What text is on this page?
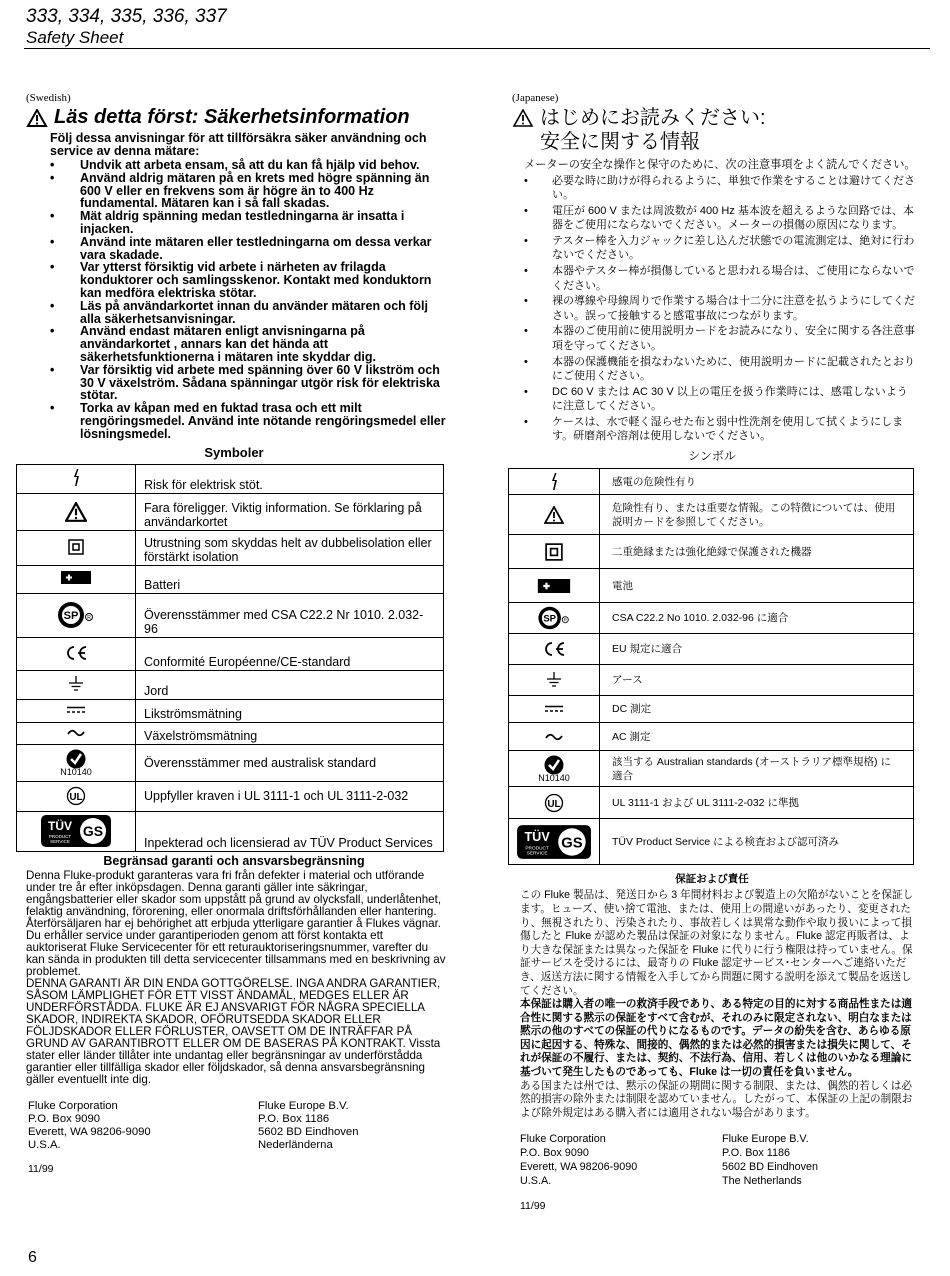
333, 334, 335, 336, 337
Safety Sheet
(Swedish)
Läs detta först: Säkerhetsinformation
Följ dessa anvisningar för att tillförsäkra säker användning och service av denna mätare:
• Undvik att arbeta ensam, så att du kan få hjälp vid behov.
• Använd aldrig mätaren på en krets med högre spänning än 600 V eller en frekvens som är högre än to 400 Hz fundamental. Mätaren kan i så fall skadas.
• Mät aldrig spänning medan testledningarna är insatta i injacken.
• Använd inte mätaren eller testledningarna om dessa verkar vara skadade.
• Var ytterst försiktig vid arbete i närheten av frilagda konduktorer och samlingsskenor. Kontakt med konduktorn kan medföra elektriska stötar.
• Läs på användarkortet innan du använder mätaren och följ alla säkerhetsanvisningar.
• Använd endast mätaren enligt anvisningarna på användarkortet , annars kan det hända att säkerhetsfunktionerna i mätaren inte skyddar dig.
• Var försiktig vid arbete med spänning över 60 V likström och 30 V växelström. Sådana spänningar utgör risk för elektriska stötar.
• Torka av kåpan med en fuktad trasa och ett milt rengöringsmedel. Använd inte nötande rengöringsmedel eller lösningsmedel.
Symboler
	Risk för elektrisk stöt.
	Fara föreligger. Viktig information. Se förklaring på användarkortet
	Utrustning som skyddas helt av dubbelisolation eller förstärkt isolation
	Batteri

SP R	Överensstämmer med CSA C22.2 Nr 1010. 2.032-96
	Conformité Européenne/CE-standard
	Jord
	Likströmsmätning
	Växelströmsmätning

N10140	Överensstämmer med australisk standard

UL	Uppfyller kraven i UL 3111-1 och UL 3111-2-032

TÜV
PRODUCT
SERVICE
GS	Inpekterad och licensierad av TÜV Product Services
Begränsad garanti och ansvarsbegränsning

Denna Fluke-produkt garanteras vara fri från defekter i material och utförande under tre år efter inköpsdagen. Denna garanti gäller inte säkringar, engångsbatterier eller skador som uppstått på grund av olycksfall, underlåtenhet, felaktig användning, förorening, eller onormala driftsförhållanden eller hantering. Återförsäljaren har ej behörighet att erbjuda ytterligare garantier å Flukes vägnar. Du erhåller service under garantiperioden genom att först kontakta ett auktoriserat Fluke Servicecenter för ett returauktoriseringsnummer, varefter du kan sända in produkten till detta servicecenter tillsammans med en beskrivning av problemet.

DENNA GARANTI ÄR DIN ENDA GOTTGÖRELSE. INGA ANDRA GARANTIER, SÅSOM LÄMPLIGHET FÖR ETT VISST ÄNDAMÅL, MEDGES ELLER ÄR UNDERFÖRSTÅDDA. FLUKE ÄR EJ ANSVARIGT FÖR NÅGRA SPECIELLA SKADOR, INDIREKTA SKADOR, OFÖRUTSEDDA SKADOR ELLER FÖLJDSKADOR ELLER FÖRLUSTER, OAVSETT OM DE INTRÄFFAR PÅ GRUND AV GARANTIBROTT ELLER OM DE BASERAS PÅ KONTRAKT. Vissta stater eller länder tillåter inte undantag eller begränsningar av underförstådda garantier eller tillfälliga skador eller följdskador, så denna ansvarsbegränsning gäller eventuellt inte dig.

Fluke Corporation
P.O. Box 9090
Everett, WA 98206-9090
U.S.A.
Fluke Europe B.V.
P.O. Box 1186
5602 BD Eindhoven
Nederländerna
11/99
(Japanese)
はじめにお読みください:
安全に関する情報
メーターの安全な操作と保守のために、次の注意事項をよく読んでください。
• 必要な時に助けが得られるように、単独で作業をすることは避けてください。
• 電圧が 600 V または周波数が 400 Hz 基本波を超えるような回路では、本器をご使用にならないでください。メーターの損傷の原因になります。
• テスター棒を入力ジャックに差し込んだ状態での電流測定は、絶対に行わないでください。
• 本器やテスター棒が損傷していると思われる場合は、ご使用にならないでください。
• 裸の導線や母線周りで作業する場合は十二分に注意を払うようにしてください。誤って接触すると感電事故につながります。
• 本器のご使用前に使用説明カードをお読みになり、安全に関する各注意事項を守ってください。
• 本器の保護機能を損なわないために、使用説明カードに記載されたとおりにご使用ください。
• DC 60 V または AC 30 V 以上の電圧を扱う作業時には、感電しないように注意してください。
• ケースは、水で軽く湿らせた布と弱中性洗剤を使用して拭くようにします。研磨剤や溶剤は使用しないでください。
シンボル
	感電の危険性有り
	危険性有り、または重要な情報。この特徴については、使用説明カードを参照してください。
	二重絶縁または強化絶縁で保護された機器
	電池

SP R	CSA C22.2 No 1010. 2.032-96 に適合
	EU 規定に適合
	アース
	DC 測定
	AC 測定

N10140	該当する Australian standards (オーストラリア標準規格) に適合

UL	UL 3111-1 および UL 3111-2-032 に準拠

TÜV
PRODUCT
SERVICE
GS	TÜV Product Service による検査および認可済み
保証および責任

この Fluke 製品は、発送日から 3 年間材料および製造上の欠陥がないことを保証します。ヒューズ、使い捨て電池、または、使用上の間違いがあったり、変更されたり、無視されたり、汚染されたり、事故若しくは異常な動作や取り扱いによって損傷したと Fluke が認めた製品は保証の対象になりません。Fluke 認定再販者は、より大きな保証または異なった保証を Fluke に代りに行う権限は持っていません。保証サービスを受けるには、最寄りの Fluke 認定サービス･センターへご連絡いただき、返送方法に関する情報を入手してから問題に関する説明を添えて製品を返送してください。

本保証は購入者の唯一の救済手段であり、ある特定の目的に対する商品性または適合性に関する黙示の保証をすべて含むが、それのみに限定されない、明白なまたは黙示の他のすべての保証の代りになるものです。データの紛失を含む、あらゆる原因に起因する、特殊な、間接的、偶然的または必然的損害または損失に関して、それが保証の不履行、または、契約、不法行為、信用、若しくは他のいかなる理論に基づいて発生したものであっても、Fluke は一切の責任を負いません。

ある国または州では、黙示の保証の期間に関する制限、または、偶然的若しくは必然的損害の除外または制限を認めていません。したがって、本保証の上記の制限および除外規定はある購入者には適用されない場合があります。

Fluke Corporation
P.O. Box 9090
Everett, WA 98206-9090
U.S.A.
Fluke Europe B.V.
P.O. Box 1186
5602 BD Eindhoven
The Netherlands
11/99
6
